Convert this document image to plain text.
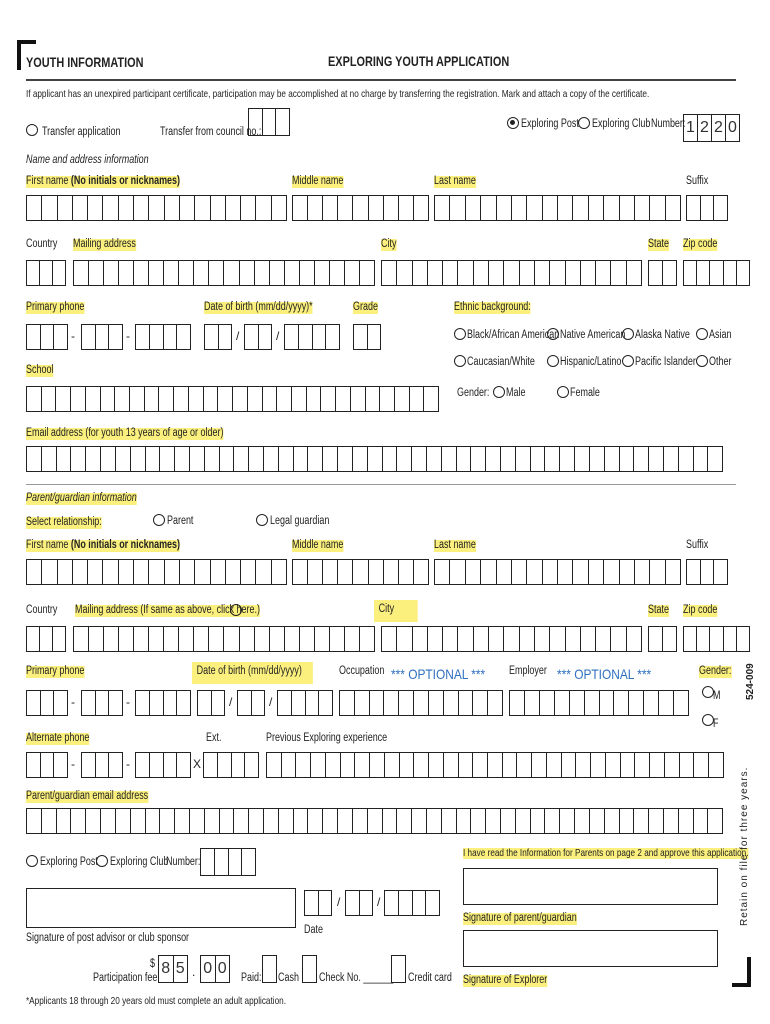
YOUTH INFORMATION	EXPLORING YOUTH APPLICATION
If applicant has an unexpired participant certificate, participation may be accomplished at no charge by transferring the registration. Mark and attach a copy of the certificate.
Transfer application	Transfer from council no.:
Exploring Post Exploring Club Number: 1 2 2 0
Name and address information
First name (No initials or nicknames)	Middle name	Last name	Suffix
Country Mailing address	City	State Zip code
Primary phone	Date of birth (mm/dd/yyyy)*	Grade
-	-	/	/
Ethnic background:
Black/African American Native American Alaska Native Asian
Caucasian/White Hispanic/Latino Pacific Islander Other
Gender: Male	Female
School
Email address (for youth 13 years of age or older)
Parent/guardian information
Select relationship:	Parent	Legal guardian
First name (No initials or nicknames)	Middle name	Last name	Suffix
Country Mailing address (If same as above, click here.)	City	State Zip code
Primary phone	Date of birth (mm/dd/yyyy)	Occupation *** OPTIONAL *** Employer *** OPTIONAL ***	Gender:
-	-	/	/	M
F
Alternate phone	Ext.	Previous Exploring experience
-	-	X
Parent/guardian email address
Exploring Post Exploring Club
Number:
I have read the Information for Parents on page 2 and approve this application.
Signature of parent/guardian
Signature of post advisor or club sponsor
/	/
Date
Signature of Explorer
Participation fee
$ 8 5 . 0 0
Paid: Cash Check No. ______ Credit card
*Applicants 18 through 20 years old must complete an adult application.
524-009
Retain on file for three years.
